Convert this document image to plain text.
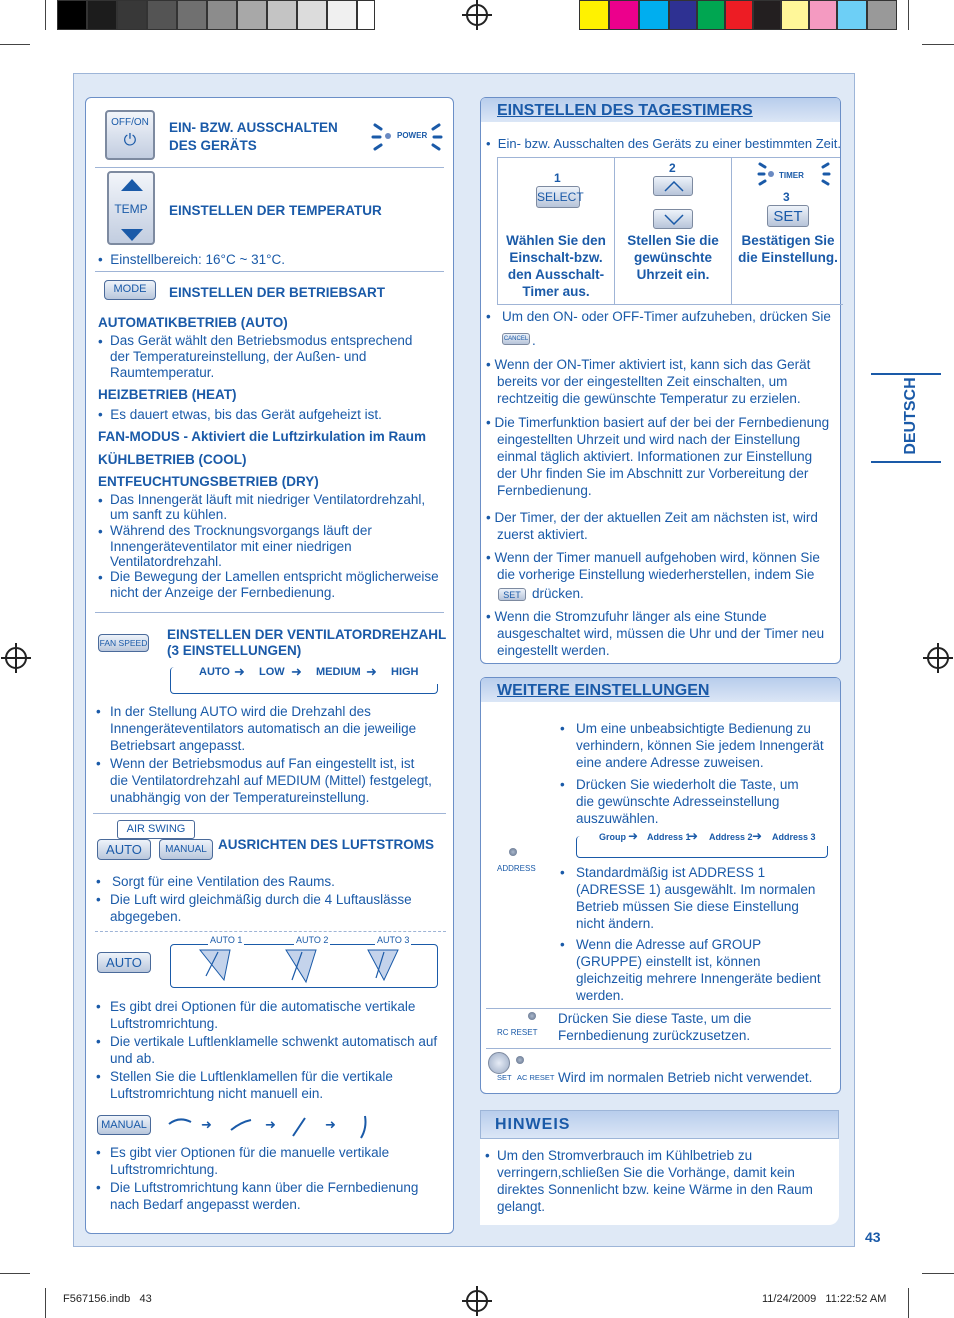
OFF/ON
⏻
EIN- BZW. AUSSCHALTEN
DES GERÄTS
POWER
TEMP	EINSTELLEN DER TEMPERATUR
•  Einstellbereich: 16°C ~ 31°C.
MODE	EINSTELLEN DER BETRIEBSART
AUTOMATIKBETRIEB (AUTO)
• Das Gerät wählt den Betriebsmodus entsprechend
der Temperatureinstellung, der Außen- und
Raumtemperatur.
HEIZBETRIEB (HEAT)
•  Es dauert etwas, bis das Gerät aufgeheizt ist.
FAN-MODUS - Aktiviert die Luftzirkulation im Raum
KÜHLBETRIEB (COOL)
ENTFEUCHTUNGSBETRIEB (DRY)
• Das Innengerät läuft mit niedriger Ventilatordrehzahl,
um sanft zu kühlen.
• Während des Trocknungsvorgangs läuft der
Innengeräteventilator mit einer niedrigen
Ventilatordrehzahl.
• Die Bewegung der Lamellen entspricht möglicherweise
nicht der Anzeige der Fernbedienung.
FAN SPEED
EINSTELLEN DER VENTILATORDREHZAHL
(3 EINSTELLUNGEN)
AUTO ➜ LOW ➜ MEDIUM ➜ HIGH
• In der Stellung AUTO wird die Drehzahl des
Innengeräteventilators automatisch an die jeweilige
Betriebsart angepasst.
• Wenn der Betriebsmodus auf Fan eingestellt ist, ist
die Ventilatordrehzahl auf MEDIUM (Mittel) festgelegt,
unabhängig von der Temperatureinstellung.
AIR SWING
AUTO	MANUAL AUSRICHTEN DES LUFTSTROMS
•   Sorgt für eine Ventilation des Raums.
• Die Luft wird gleichmäßig durch die 4 Luftauslässe
abgegeben.
AUTO
AUTO 1	AUTO 2	AUTO 3
• Es gibt drei Optionen für die automatische vertikale
Luftstromrichtung.
• Die vertikale Luftlenklamelle schwenkt automatisch auf
und ab.
• Stellen Sie die Luftlenklamellen für die vertikale
Luftstromrichtung nicht manuell ein.
MANUAL	➜	➜	➜
• Es gibt vier Optionen für die manuelle vertikale
Luftstromrichtung.
• Die Luftstromrichtung kann über die Fernbedienung
nach Bedarf angepasst werden.
EINSTELLEN DES TAGESTIMERS
•  Ein- bzw. Ausschalten des Geräts zu einer bestimmten Zeit.
1
SELECT
Wählen Sie den
Einschalt-bzw.
den Ausschalt-
Timer aus.
2
Stellen Sie die
gewünschte
Uhrzeit ein.
TIMER
3
SET
Bestätigen Sie
die Einstellung.
•   Um den ON- oder OFF-Timer aufzuheben, drücken Sie
CANCEL .
• Wenn der ON-Timer aktiviert ist, kann sich das Gerät
bereits vor der eingestellten Zeit einschalten, um
rechtzeitig die gewünschte Temperatur zu erzielen.
• Die Timerfunktion basiert auf der bei der Fernbedienung
eingestellten Uhrzeit und wird nach der Einstellung
einmal täglich aktiviert. Informationen zur Einstellung
der Uhr finden Sie im Abschnitt zur Vorbereitung der
Fernbedienung.
• Der Timer, der der aktuellen Zeit am nächsten ist, wird
zuerst aktiviert.
• Wenn der Timer manuell aufgehoben wird, können Sie
die vorherige Einstellung wiederherstellen, indem Sie
SET drücken.
• Wenn die Stromzufuhr länger als eine Stunde
ausgeschaltet wird, müssen die Uhr und der Timer neu
eingestellt werden.
WEITERE EINSTELLUNGEN
• Um eine unbeabsichtigte Bedienung zu
verhindern, können Sie jedem Innengerät
eine andere Adresse zuweisen.
• Drücken Sie wiederholt die Taste, um
die gewünschte Adresseinstellung
auszuwählen.
Group ➜ Address 1
➜ Address 2 ➜ Address 3
ADDRESS • Standardmäßig ist ADDRESS 1
(ADRESSE 1) ausgewählt. Im normalen
Betrieb müssen Sie diese Einstellung
nicht ändern.
• Wenn die Adresse auf GROUP
(GRUPPE) einstellt ist, können
gleichzeitig mehrere Innengeräte bedient
werden.
RC RESET
Drücken Sie diese Taste, um die
Fernbedienung zurückzusetzen.
SET AC RESET Wird im normalen Betrieb nicht verwendet.
HINWEIS
• Um den Stromverbrauch im Kühlbetrieb zu
verringern,schließen Sie die Vorhänge, damit kein
direktes Sonnenlicht bzw. keine Wärme in den Raum
gelangt.
DEUTSCH
43
F567156.indb   43	11/24/2009   11:22:52 AM
